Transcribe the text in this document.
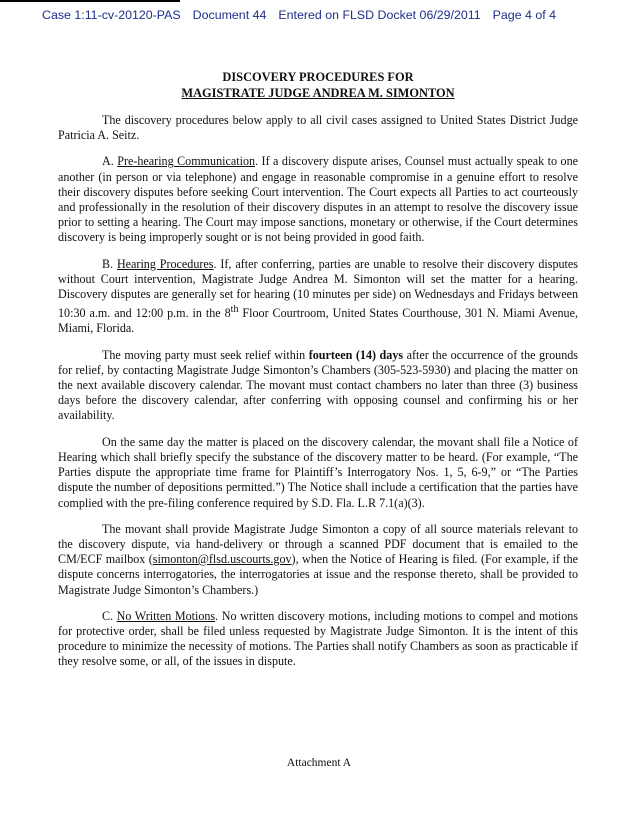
Case 1:11-cv-20120-PAS Document 44 Entered on FLSD Docket 06/29/2011 Page 4 of 4
DISCOVERY PROCEDURES FOR
MAGISTRATE JUDGE ANDREA M. SIMONTON

The discovery procedures below apply to all civil cases assigned to United States District Judge Patricia A. Seitz.

A. Pre-hearing Communication. If a discovery dispute arises, Counsel must actually speak to one another (in person or via telephone) and engage in reasonable compromise in a genuine effort to resolve their discovery disputes before seeking Court intervention. The Court expects all Parties to act courteously and professionally in the resolution of their discovery disputes in an attempt to resolve the discovery issue prior to setting a hearing. The Court may impose sanctions, monetary or otherwise, if the Court determines discovery is being improperly sought or is not being provided in good faith.

B. Hearing Procedures. If, after conferring, parties are unable to resolve their discovery disputes without Court intervention, Magistrate Judge Andrea M. Simonton will set the matter for a hearing. Discovery disputes are generally set for hearing (10 minutes per side) on Wednesdays and Fridays between 10:30 a.m. and 12:00 p.m. in the 8th Floor Courtroom, United States Courthouse, 301 N. Miami Avenue, Miami, Florida.

The moving party must seek relief within fourteen (14) days after the occurrence of the grounds for relief, by contacting Magistrate Judge Simonton’s Chambers (305-523-5930) and placing the matter on the next available discovery calendar. The movant must contact chambers no later than three (3) business days before the discovery calendar, after conferring with opposing counsel and confirming his or her availability.

On the same day the matter is placed on the discovery calendar, the movant shall file a Notice of Hearing which shall briefly specify the substance of the discovery matter to be heard. (For example, “The Parties dispute the appropriate time frame for Plaintiff’s Interrogatory Nos. 1, 5, 6-9,” or “The Parties dispute the number of depositions permitted.”) The Notice shall include a certification that the parties have complied with the pre-filing conference required by S.D. Fla. L.R 7.1(a)(3).

The movant shall provide Magistrate Judge Simonton a copy of all source materials relevant to the discovery dispute, via hand-delivery or through a scanned PDF document that is emailed to the CM/ECF mailbox (simonton@flsd.uscourts.gov), when the Notice of Hearing is filed. (For example, if the dispute concerns interrogatories, the interrogatories at issue and the response thereto, shall be provided to Magistrate Judge Simonton’s Chambers.)

C. No Written Motions. No written discovery motions, including motions to compel and motions for protective order, shall be filed unless requested by Magistrate Judge Simonton. It is the intent of this procedure to minimize the necessity of motions. The Parties shall notify Chambers as soon as practicable if they resolve some, or all, of the issues in dispute.

Attachment A
